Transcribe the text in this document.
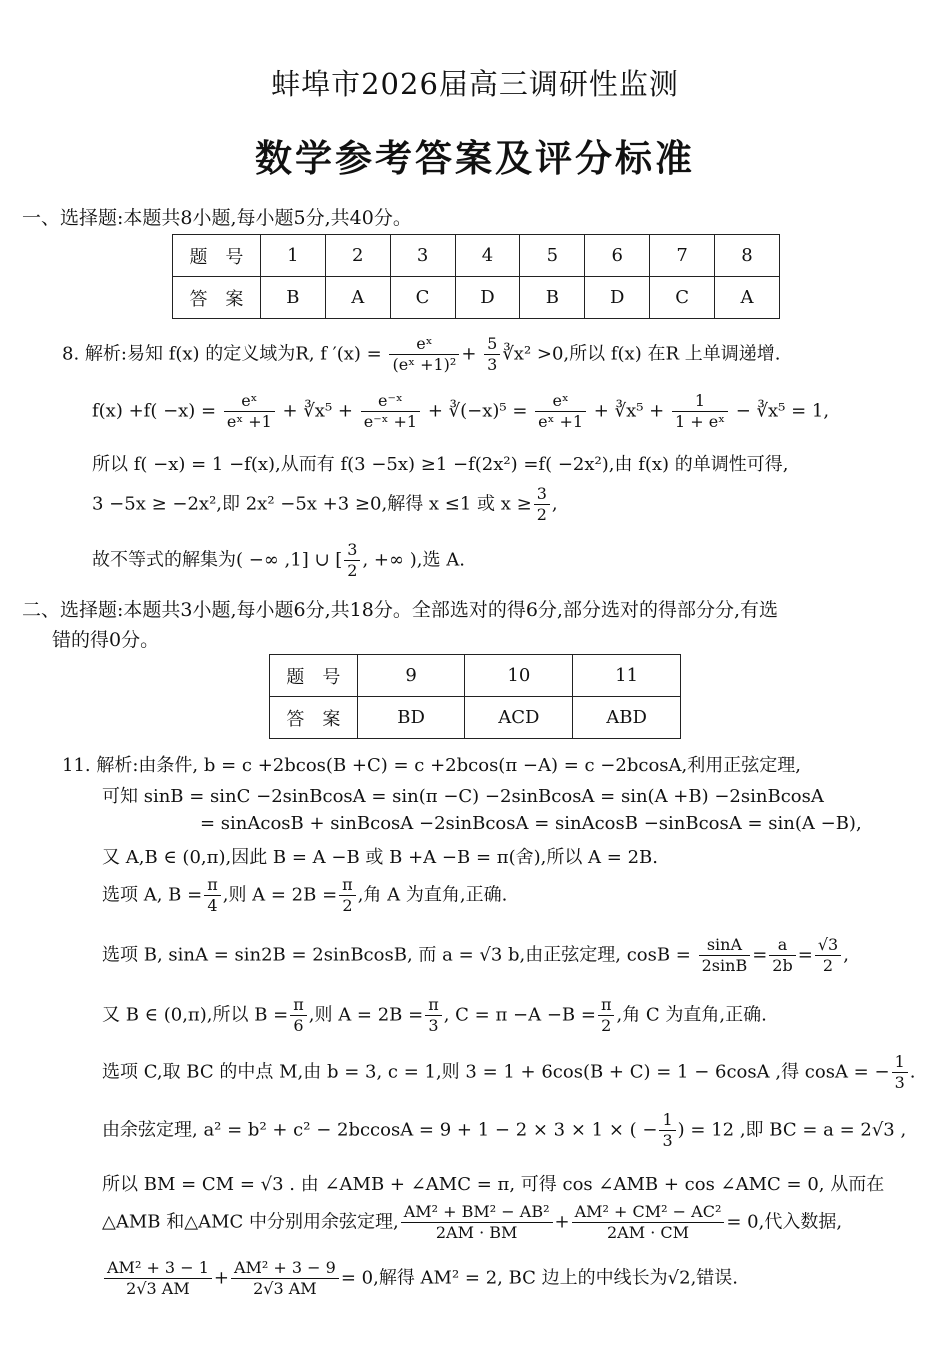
蚌埠市2026届高三调研性监测
数学参考答案及评分标准
一、选择题:本题共8小题,每小题5分,共40分。
题　号	1	2	3	4	5	6	7	8
答　案	B	A	C	D	B	D	C	A
8. 解析:易知 f(x) 的定义域为R, f $'(x) = \frac{\text{eˣ}}{\text{(eˣ +1)²}} + \frac{5}{3}$ ∛x² >0,所以 f(x) 在R 上单调递增.
$f(x) +f( -x) = \frac{\text{eˣ}}{\text{eˣ +1}}$ + ∛x⁵ + $\frac{\text{e⁻ˣ}}{\text{e⁻ˣ +1}}$ + ∛(−x)⁵ = $\frac{\text{eˣ}}{\text{eˣ +1}}$ + ∛x⁵ + $\frac{1}{\text{1 + eˣ}}$ − ∛x⁵ = 1,
所以 f( −x) = 1 −f(x),从而有 f(3 −5x) ≥1 −f(2x²) =f( −2x²),由 f(x) 的单调性可得,
3 −5x ≥ −2x²,即 2x² −5x +3 ≥0,解得 x ≤1 或 $x \ge \frac{3}{2}$ ,
故不等式的解集为( −∞ ,1] ∪ [ $\frac{3}{2}$ , +∞ ),选 A.
二、选择题:本题共3小题,每小题6分,共18分。全部选对的得6分,部分选对的得部分分,有选
错的得0分。
题　号	9	10	11
答　案	BD	ACD	ABD
11. 解析:由条件, b = c +2bcos(B +C) = c +2bcos(π −A) = c −2bcosA,利用正弦定理,
可知 sinB = sinC −2sinBcosA = sin(π −C) −2sinBcosA = sin(A +B) −2sinBcosA
= sinAcosB + sinBcosA −2sinBcosA = sinAcosB −sinBcosA = sin(A −B),
又 A,B ∈ (0,π),因此 B = A −B 或 B +A −B = π(舍),所以 A = 2B.
选项 A, $B = \frac{\pi}{4}$ ,则 $A = 2B = \frac{\pi}{2}$ ,角 A 为直角,正确.
选项 B, sinA = sin2B = 2sinBcosB, 而 a = √3 b,由正弦定理, $\cos B = \frac{\sin A}{2\sin B} = \frac{a}{2b} = \frac{√3}{2}$ ,
又 B ∈ (0,π),所以 $B = \frac{\pi}{6}$ ,则 $A = 2B = \frac{\pi}{3}$ , $C = \pi -A -B = \frac{\pi}{2}$ ,角 C 为直角,正确.
选项 C,取 BC 的中点 M,由 b = 3, c = 1,则 3 = 1 + 6cos(B + C) = 1 − 6cosA ,得 cosA = − $\frac{1}{3}$ .
由余弦定理, a² = b² + c² − 2bccosA = 9 + 1 − 2 × 3 × 1 × ( − $\frac{1}{3}$ ) = 12 ,即 BC = a = 2√3 ,
所以 BM = CM = √3 . 由 ∠AMB + ∠AMC = π, 可得 cos ∠AMB + cos ∠AMC = 0, 从而在
△AMB 和△AMC 中分别用余弦定理, $\frac{\text{AM² + BM² − AB²}}{2AM \cdot BM} + \frac{\text{AM² + CM² − AC²}}{2AM \cdot CM} = 0$,代入数据,
$\frac{\text{AM² + 3 − 1}}{2√3 AM} + \frac{\text{AM² + 3 − 9}}{2√3 AM} = 0$,解得 AM² = 2, BC 边上的中线长为√2,错误.
